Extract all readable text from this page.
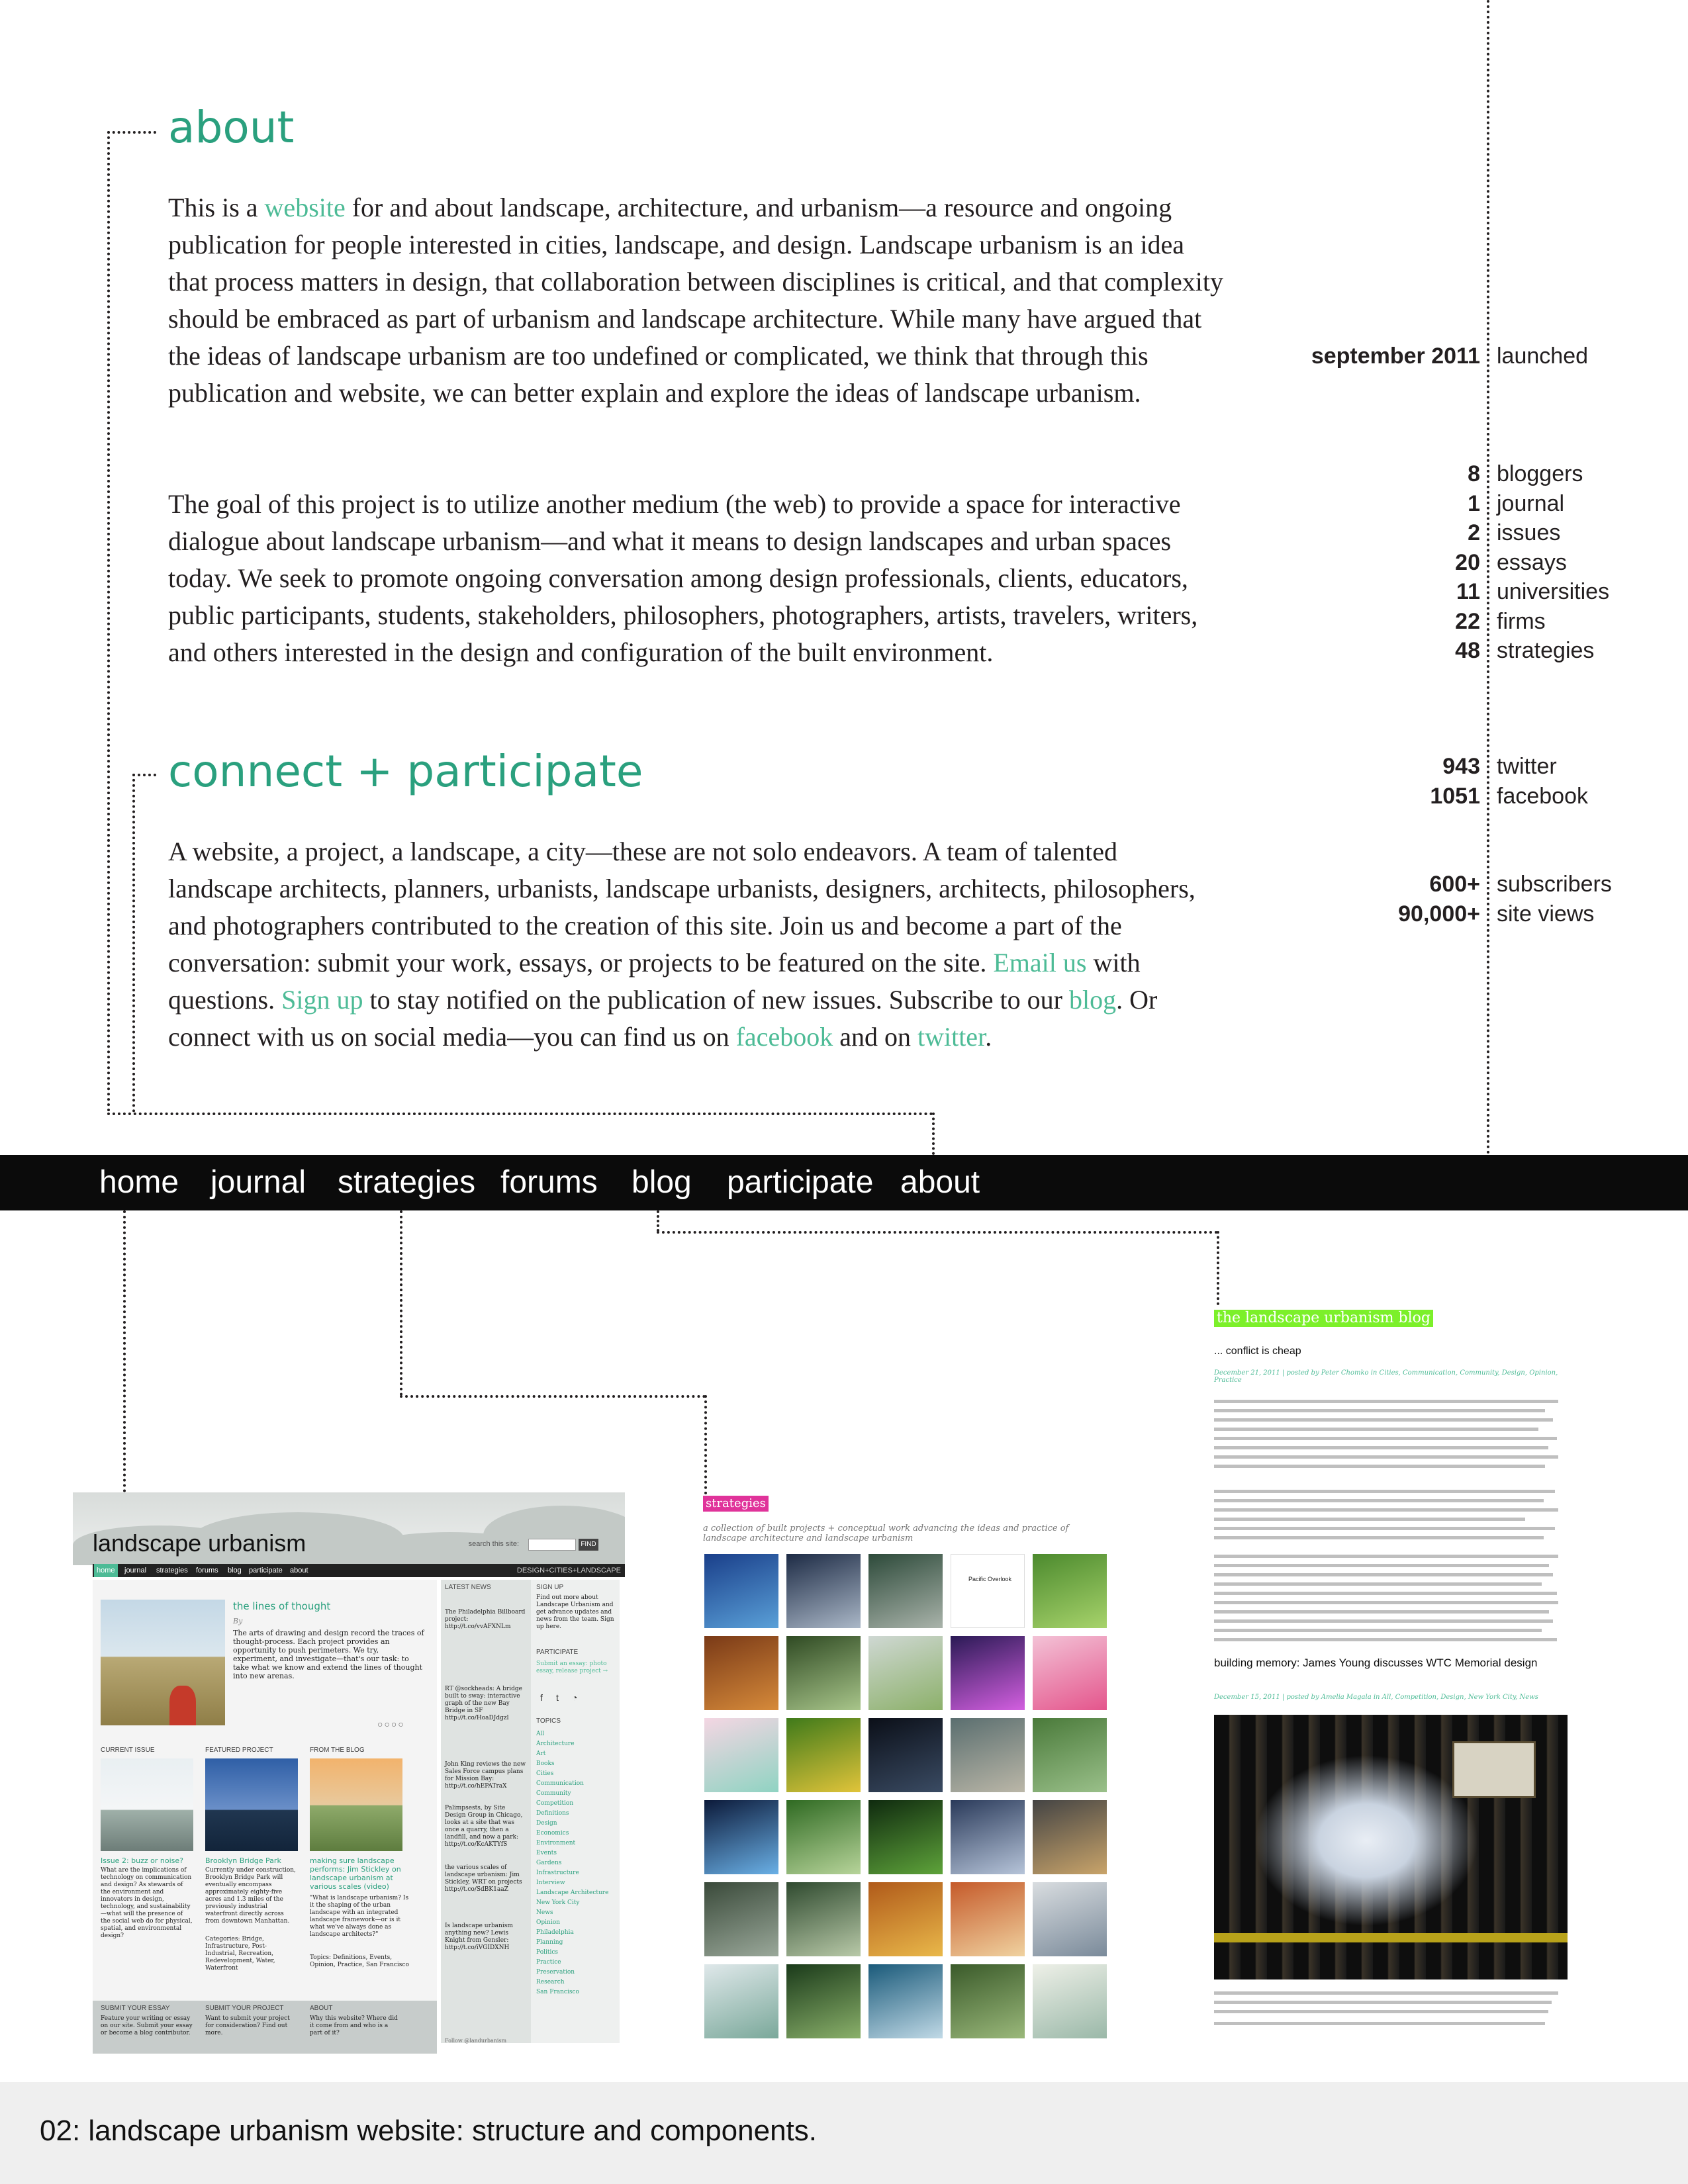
about
This is a website for and about landscape, architecture, and urbanism—a resource and ongoing publication for people interested in cities, landscape, and design. Landscape urbanism is an idea that process matters in design, that collaboration between disciplines is critical, and that complexity should be embraced as part of urbanism and landscape architecture. While many have argued that the ideas of landscape urbanism are too undefined or complicated, we think that through this publication and website, we can better explain and explore the ideas of landscape urbanism.
The goal of this project is to utilize another medium (the web) to provide a space for interactive dialogue about landscape urbanism—and what it means to design landscapes and urban spaces today. We seek to promote ongoing conversation among design professionals, clients, educators, public participants, students, stakeholders, philosophers, photographers, artists, travelers, writers, and others interested in the design and configuration of the built environment.
connect + participate
A website, a project, a landscape, a city—these are not solo endeavors. A team of talented landscape architects, planners, urbanists, landscape urbanists, designers, architects, philosophers, and photographers contributed to the creation of this site. Join us and become a part of the conversation: submit your work, essays, or projects to be featured on the site. Email us with questions. Sign up to stay notified on the publication of new issues. Subscribe to our blog. Or connect with us on social media—you can find us on facebook and on twitter.
september 2011 launched
8 bloggers
1 journal
2 issues
20 essays
11 universities
22 firms
48 strategies
943 twitter
1051 facebook
600+ subscribers
90,000+ site views
home journal strategies forums blog participate about
landscape urbanism	search this site:	FIND
home	journal strategies forums blog participate about	DESIGN+CITIES+LANDSCAPE
the lines of thought
By
The arts of drawing and design record the traces of thought-process. Each project provides an opportunity to push perimeters. We try, experiment, and investigate—that's our task: to take what we know and extend the lines of thought into new arenas.
○○○○
CURRENT ISSUE	FEATURED PROJECT	FROM THE BLOG
Issue 2: buzz or noise?
What are the implications of technology on communication and design? As stewards of the environment and innovators in design, technology, and sustainability—what will the presence of the social web do for physical, spatial, and environmental design?
Brooklyn Bridge Park
Currently under construction, Brooklyn Bridge Park will eventually encompass approximately eighty-five acres and 1.3 miles of the previously industrial waterfront directly across from downtown Manhattan.
Categories: Bridge, Infrastructure, Post-Industrial, Recreation, Redevelopment, Water, Waterfront
making sure landscape performs: Jim Stickley on landscape urbanism at various scales (video)
"What is landscape urbanism? Is it the shaping of the urban landscape with an integrated landscape framework—or is it what we've always done as landscape architects?"
Topics: Definitions, Events, Opinion, Practice, San Francisco
SUBMIT YOUR ESSAY
Feature your writing or essay on our site. Submit your essay or become a blog contributor.
SUBMIT YOUR PROJECT
Want to submit your project for consideration? Find out more.
ABOUT
Why this website? Where did it come from and who is a part of it?
LATEST NEWS
The Philadelphia Billboard project: http://t.co/vvAFXNLm
RT @sockheads: A bridge built to sway: interactive graph of the new Bay Bridge in SF http://t.co/HoaDJdgzl
John King reviews the new Sales Force campus plans for Mission Bay: http://t.co/hEPATraX
Palimpsests, by Site Design Group in Chicago, looks at a site that was once a quarry, then a landfill, and now a park: http://t.co/KcAKTYfS
the various scales of landscape urbanism: Jim Stickley, WRT on projects http://t.co/SdBK1aaZ
Is landscape urbanism anything new? Lewis Knight from Gensler: http://t.co/iVGIDXNH
Follow @landurbanism
SIGN UP
Find out more about Landscape Urbanism and get advance updates and news from the team. Sign up here.
PARTICIPATE
Submit an essay: photo essay, release project →
f t ◔
TOPICS
All
Architecture
Art
Books
Cities
Communication
Community
Competition
Definitions
Design
Economics
Environment
Events
Gardens
Infrastructure
Interview
Landscape Architecture
New York City
News
Opinion
Philadelphia
Planning
Politics
Practice
Preservation
Research
San Francisco
strategies
a collection of built projects + conceptual work advancing the ideas and practice of landscape architecture and landscape urbanism
Pacific Overlook
the landscape urbanism blog
... conflict is cheap
December 21, 2011 | posted by Peter Chomko in Cities, Communication, Community, Design, Opinion, Practice
building memory: James Young discusses WTC Memorial design
December 15, 2011 | posted by Amelia Magala in All, Competition, Design, New York City, News
02: landscape urbanism website: structure and components.
